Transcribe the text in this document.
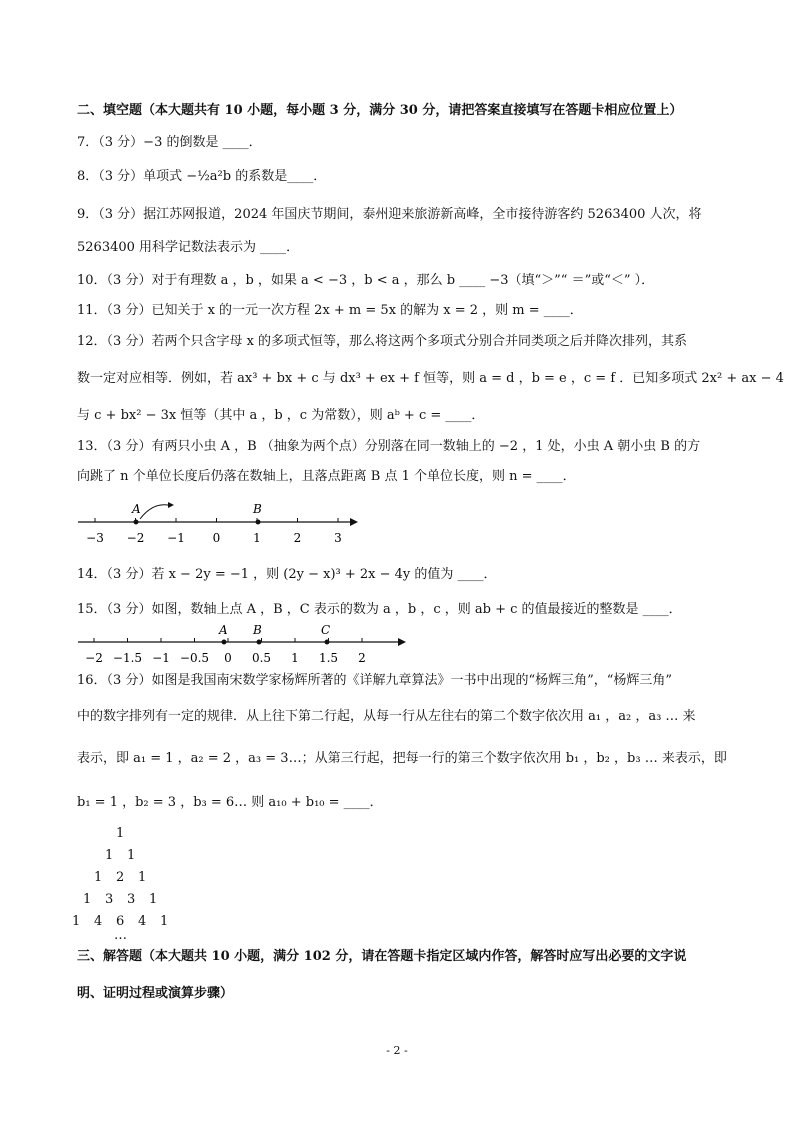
二、填空题（本大题共有 10 小题，每小题 3 分，满分 30 分，请把答案直接填写在答题卡相应位置上）
7．（3 分）−3 的倒数是 ____．
8．（3 分）单项式 −½a²b 的系数是____．
9．（3 分）据江苏网报道，2024 年国庆节期间，泰州迎来旅游新高峰，全市接待游客约 5263400 人次，将
5263400 用科学记数法表示为 ____．
10．（3 分）对于有理数 a ，b ，如果 a < −3 ，b < a ，那么 b ____ −3（填“＞”“ ＝”或“＜” ）．
11．（3 分）已知关于 x 的一元一次方程 2x + m = 5x 的解为 x = 2 ，则 m = ____．
12．（3 分）若两个只含字母 x 的多项式恒等，那么将这两个多项式分别合并同类项之后并降次排列，其系
数一定对应相等．例如，若 ax³ + bx + c 与 dx³ + ex + f 恒等，则 a = d ，b = e ，c = f ．已知多项式 2x² + ax − 4
与 c + bx² − 3x 恒等（其中 a ，b ，c 为常数），则 aᵇ + c = ____．
13．（3 分）有两只小虫 A ，B （抽象为两个点）分别落在同一数轴上的 −2 ，1 处，小虫 A 朝小虫 B 的方
向跳了 n 个单位长度后仍落在数轴上，且落点距离 B 点 1 个单位长度，则 n = ____．
−3 −2 −1 0	1	2	3
A	B
14．（3 分）若 x − 2y = −1 ，则 (2y − x)³ + 2x − 4y 的值为 ____．
15．（3 分）如图，数轴上点 A ，B ，C 表示的数为 a ，b ，c ，则 ab + c 的值最接近的整数是 ____．
−2 −1.5 −1 −0.5 0 0.5 1 1.5 2
A B	C
16．（3 分）如图是我国南宋数学家杨辉所著的《详解九章算法》一书中出现的“杨辉三角”，“杨辉三角”
中的数字排列有一定的规律．从上往下第二行起，从每一行从左往右的第二个数字依次用 a₁ ，a₂ ，a₃ … 来
表示，即 a₁ = 1 ，a₂ = 2 ，a₃ = 3…；从第三行起，把每一行的第三个数字依次用 b₁ ，b₂ ，b₃ … 来表示，即
b₁ = 1 ，b₂ = 3 ，b₃ = 6… 则 a₁₀ + b₁₀ = ____．
1
1 1
1 2 1
1 3 3 1
1 4 6 4 1
…
三、解答题（本大题共 10 小题，满分 102 分，请在答题卡指定区域内作答，解答时应写出必要的文字说
明、证明过程或演算步骤）
- 2 -
